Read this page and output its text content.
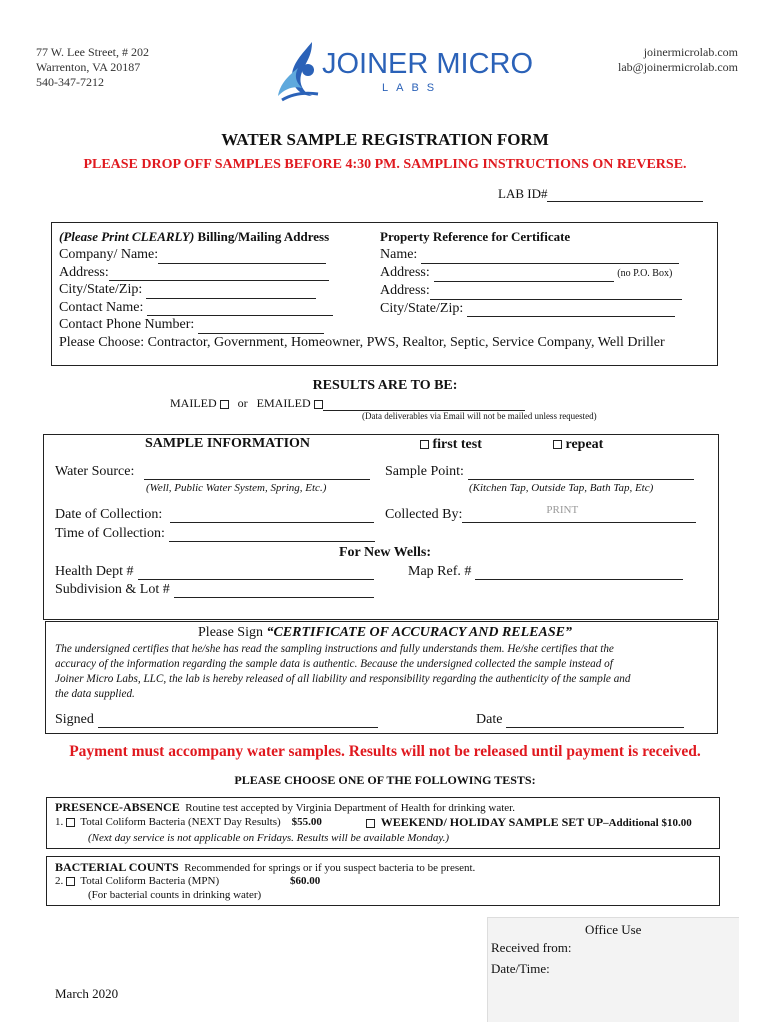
77 W. Lee Street, # 202
Warrenton, VA 20187
540-347-7212
JOINER MICRO
LABS
joinermicrolab.com
lab@joinermicrolab.com
WATER SAMPLE REGISTRATION FORM
PLEASE DROP OFF SAMPLES BEFORE 4:30 PM. SAMPLING INSTRUCTIONS ON REVERSE.
LAB ID#
(Please Print CLEARLY) Billing/Mailing Address
Company/ Name:
Address:
City/State/Zip:
Contact Name:
Contact Phone Number:
Please Choose: Contractor, Government, Homeowner, PWS, Realtor, Septic, Service Company, Well Driller
Property Reference for Certificate
Name:
Address:	(no P.O. Box)
Address:
City/State/Zip:
RESULTS ARE TO BE:
MAILED or EMAILED
(Data deliverables via Email will not be mailed unless requested)
SAMPLE INFORMATION	first test	repeat
Water Source:
(Well, Public Water System, Spring, Etc.)
Sample Point:
(Kitchen Tap, Outside Tap, Bath Tap, Etc)
Date of Collection:	Collected By:	PRINT
Time of Collection:
For New Wells:
Health Dept #	Map Ref. #
Subdivision & Lot #
Please Sign “CERTIFICATE OF ACCURACY AND RELEASE”
The undersigned certifies that he/she has read the sampling instructions and fully understands them. He/she certifies that the
accuracy of the information regarding the sample data is authentic. Because the undersigned collected the sample instead of
Joiner Micro Labs, LLC, the lab is hereby released of all liability and responsibility regarding the authenticity of the sample and
the data supplied.
Signed	Date
Payment must accompany water samples. Results will not be released until payment is received.
PLEASE CHOOSE ONE OF THE FOLLOWING TESTS:
PRESENCE-ABSENCE Routine test accepted by Virginia Department of Health for drinking water.
1. Total Coliform Bacteria (NEXT Day Results) $55.00	WEEKEND/ HOLIDAY SAMPLE SET UP–Additional $10.00
(Next day service is not applicable on Fridays. Results will be available Monday.)
BACTERIAL COUNTS Recommended for springs or if you suspect bacteria to be present.
2. Total Coliform Bacteria (MPN)	$60.00
(For bacterial counts in drinking water)
Office Use
Received from:
Date/Time:
March 2020
